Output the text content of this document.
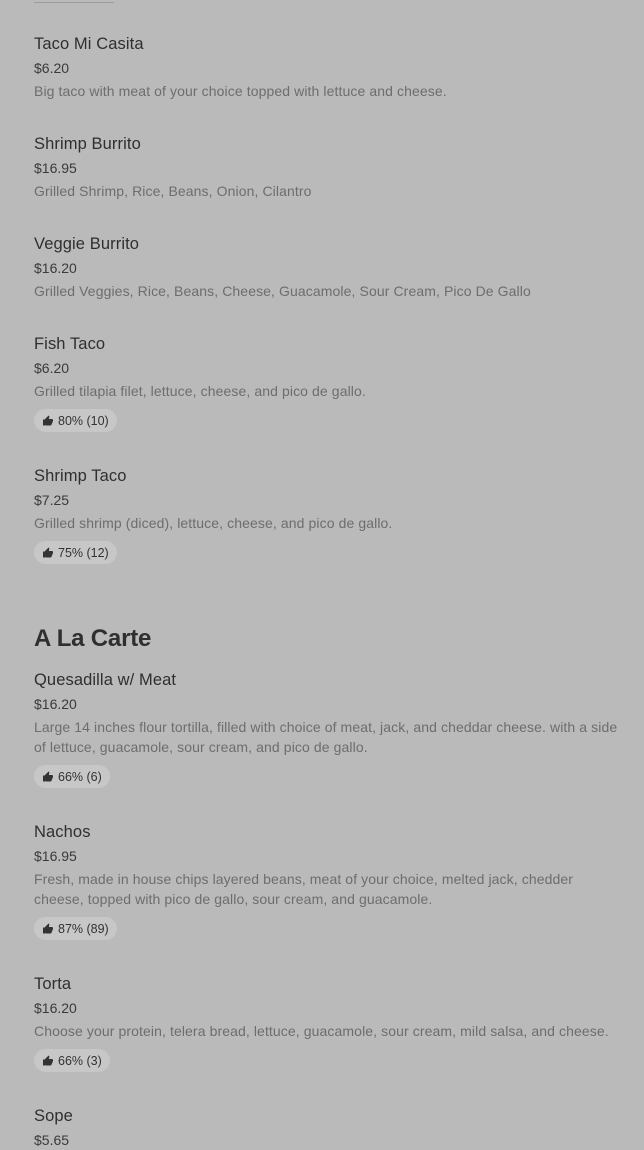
Taco Mi Casita
$6.20
Big taco with meat of your choice topped with lettuce and cheese.
Shrimp Burrito
$16.95
Grilled Shrimp, Rice, Beans, Onion, Cilantro
Veggie Burrito
$16.20
Grilled Veggies, Rice, Beans, Cheese, Guacamole, Sour Cream, Pico De Gallo
Fish Taco
$6.20
Grilled tilapia filet, lettuce, cheese, and pico de gallo.
80% (10)
Shrimp Taco
$7.25
Grilled shrimp (diced), lettuce, cheese, and pico de gallo.
75% (12)
A La Carte
Quesadilla w/ Meat
$16.20
Large 14 inches flour tortilla, filled with choice of meat, jack, and cheddar cheese. with a side of lettuce, guacamole, sour cream, and pico de gallo.
66% (6)
Nachos
$16.95
Fresh, made in house chips layered beans, meat of your choice, melted jack, chedder cheese, topped with pico de gallo, sour cream, and guacamole.
87% (89)
Torta
$16.20
Choose your protein, telera bread, lettuce, guacamole, sour cream, mild salsa, and cheese.
66% (3)
Sope
$5.65
